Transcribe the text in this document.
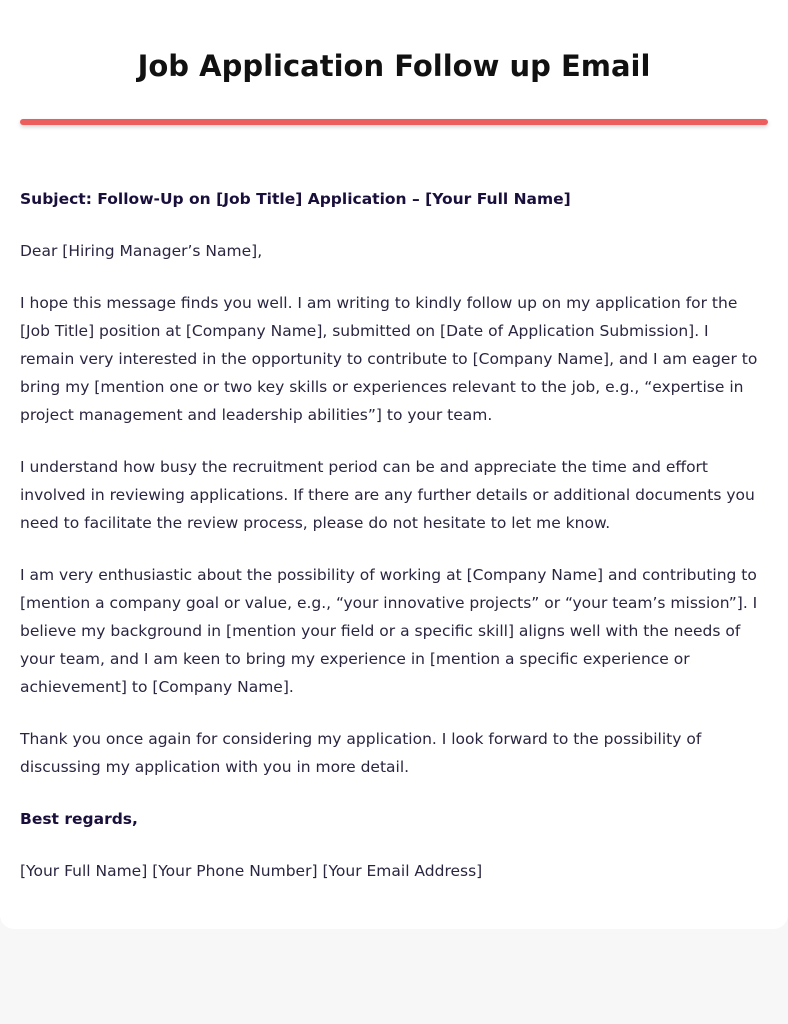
Job Application Follow up Email

Subject: Follow-Up on [Job Title] Application – [Your Full Name]

Dear [Hiring Manager’s Name],

I hope this message finds you well. I am writing to kindly follow up on my application for the [Job Title] position at [Company Name], submitted on [Date of Application Submission]. I remain very interested in the opportunity to contribute to [Company Name], and I am eager to bring my [mention one or two key skills or experiences relevant to the job, e.g., “expertise in project management and leadership abilities”] to your team.

I understand how busy the recruitment period can be and appreciate the time and effort involved in reviewing applications. If there are any further details or additional documents you need to facilitate the review process, please do not hesitate to let me know.

I am very enthusiastic about the possibility of working at [Company Name] and contributing to [mention a company goal or value, e.g., “your innovative projects” or “your team’s mission”]. I believe my background in [mention your field or a specific skill] aligns well with the needs of your team, and I am keen to bring my experience in [mention a specific experience or achievement] to [Company Name].

Thank you once again for considering my application. I look forward to the possibility of discussing my application with you in more detail.

Best regards,

[Your Full Name] [Your Phone Number] [Your Email Address]
